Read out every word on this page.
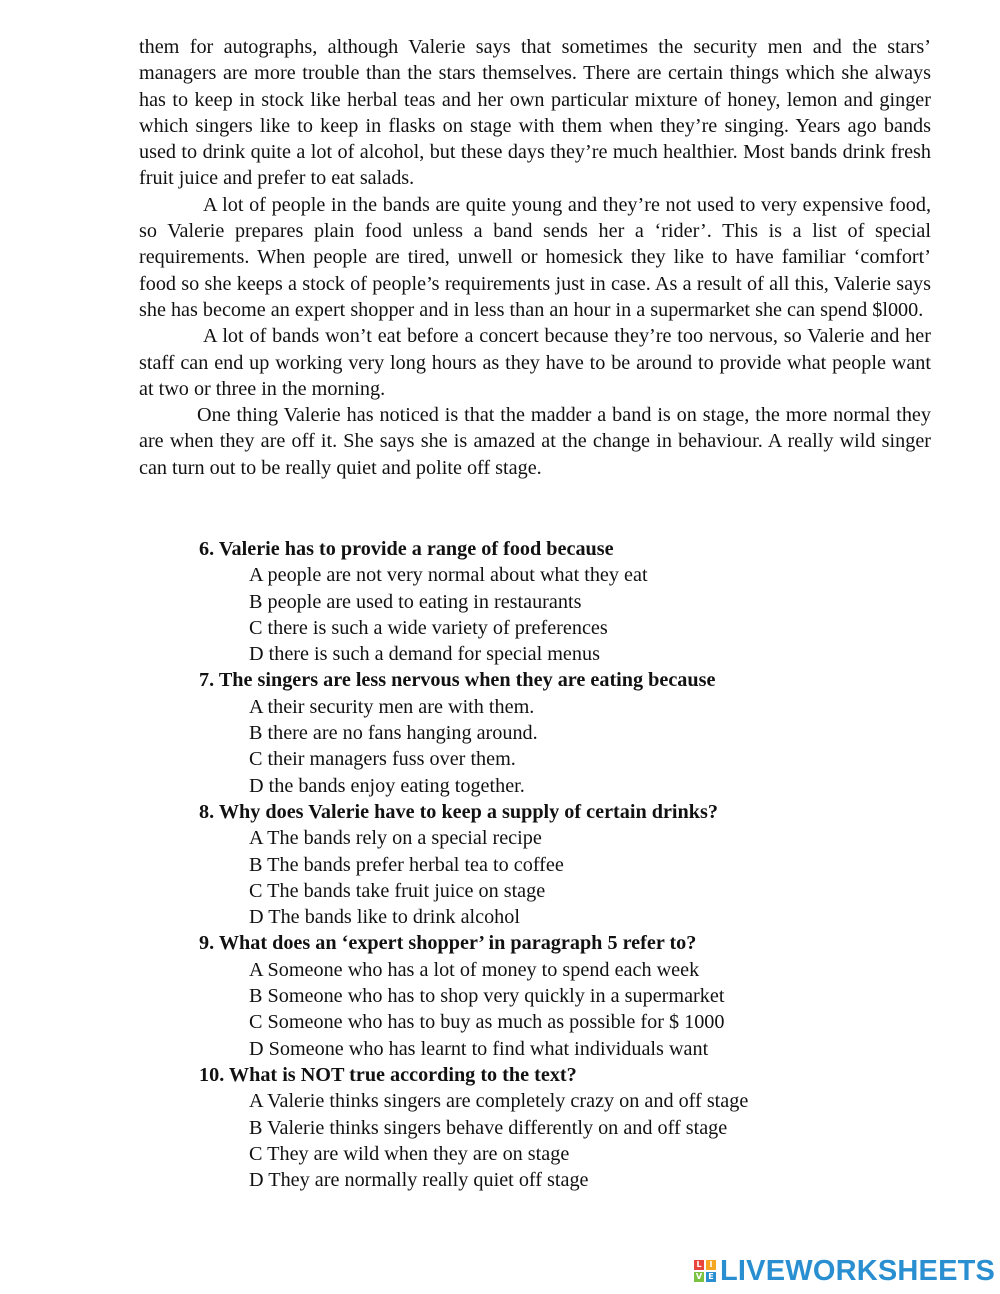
them for autographs, although Valerie says that sometimes the security men and the stars’ managers are more trouble than the stars themselves. There are certain things which she always has to keep in stock like herbal teas and her own particular mixture of honey, lemon and ginger which singers like to keep in flasks on stage with them when they’re singing. Years ago bands used to drink quite a lot of alcohol, but these days they’re much healthier. Most bands drink fresh fruit juice and prefer to eat salads.

A lot of people in the bands are quite young and they’re not used to very expensive food, so Valerie prepares plain food unless a band sends her a ‘rider’. This is a list of special requirements. When people are tired, unwell or homesick they like to have familiar ‘comfort’ food so she keeps a stock of people’s requirements just in case. As a result of all this, Valerie says she has become an expert shopper and in less than an hour in a supermarket she can spend $l000.

A lot of bands won’t eat before a concert because they’re too nervous, so Valerie and her staff can end up working very long hours as they have to be around to provide what people want at two or three in the morning.

One thing Valerie has noticed is that the madder a band is on stage, the more normal they are when they are off it. She says she is amazed at the change in behaviour. A really wild singer can turn out to be really quiet and polite off stage.

6. Valerie has to provide a range of food because

A people are not very normal about what they eat

B people are used to eating in restaurants

C there is such a wide variety of preferences

D there is such a demand for special menus

7. The singers are less nervous when they are eating because

A their security men are with them.

B there are no fans hanging around.

C their managers fuss over them.

D the bands enjoy eating together.

8. Why does Valerie have to keep a supply of certain drinks?

A The bands rely on a special recipe

B The bands prefer herbal tea to coffee

C The bands take fruit juice on stage

D The bands like to drink alcohol

9. What does an ‘expert shopper’ in paragraph 5 refer to?

A Someone who has a lot of money to spend each week

B Someone who has to shop very quickly in a supermarket

C Someone who has to buy as much as possible for $ 1000

D Someone who has learnt to find what individuals want

10. What is NOT true according to the text?

A Valerie thinks singers are completely crazy on and off stage

B Valerie thinks singers behave differently on and off stage

C They are wild when they are on stage

D They are normally really quiet off stage

L I
V E LIVEWORKSHEETS
